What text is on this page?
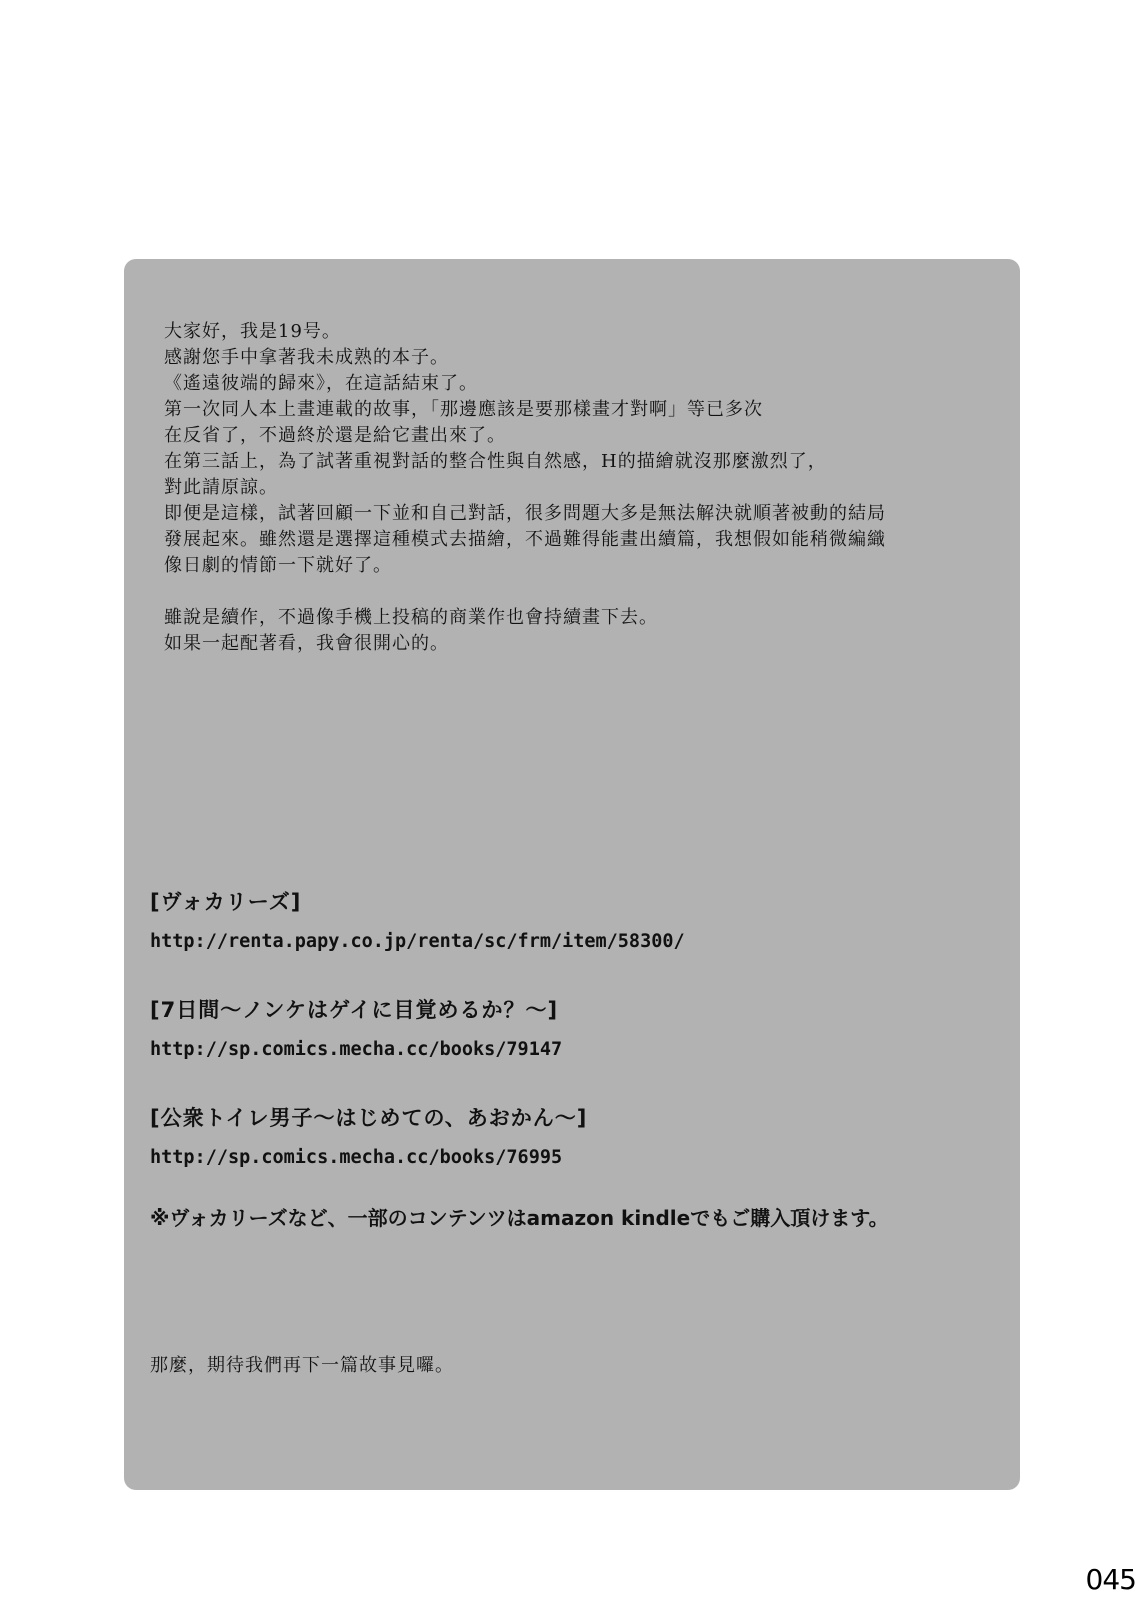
大家好，我是19号。
感謝您手中拿著我未成熟的本子。
《遙遠彼端的歸來》，在這話結束了。
第一次同人本上畫連載的故事，「那邊應該是要那樣畫才對啊」等已多次
在反省了，不過終於還是給它畫出來了。
在第三話上，為了試著重視對話的整合性與自然感，H的描繪就沒那麼激烈了，
對此請原諒。
即便是這樣，試著回顧一下並和自己對話，很多問題大多是無法解決就順著被動的結局
發展起來。雖然還是選擇這種模式去描繪，不過難得能畫出續篇，我想假如能稍微編織
像日劇的情節一下就好了。
雖說是續作，不過像手機上投稿的商業作也會持續畫下去。
如果一起配著看，我會很開心的。
[ヴォカリーズ]
http://renta.papy.co.jp/renta/sc/frm/item/58300/
[7日間～ノンケはゲイに目覚めるか？～]
http://sp.comics.mecha.cc/books/79147
[公衆トイレ男子～はじめての、あおかん～]
http://sp.comics.mecha.cc/books/76995
※ヴォカリーズなど、一部のコンテンツはamazon kindleでもご購入頂けます。
那麼，期待我們再下一篇故事見囉。
045
